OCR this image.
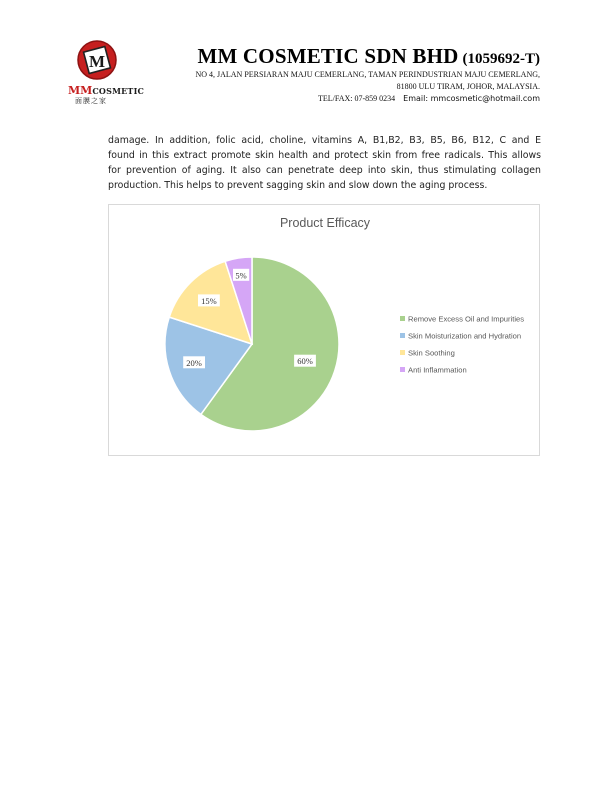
M
MMCOSMETIC
面膜之家
MM COSMETIC SDN BHD (1059692-T)
NO 4, JALAN PERSIARAN MAJU CEMERLANG, TAMAN PERINDUSTRIAN MAJU CEMERLANG,
81800 ULU TIRAM, JOHOR, MALAYSIA.
TEL/FAX: 07-859 0234 Email: mmcosmetic@hotmail.com
damage. In addition, folic acid, choline, vitamins A, B1,B2, B3, B5, B6, B12, C and E
found in this extract promote skin health and protect skin from free radicals. This allows
for prevention of aging. It also can penetrate deep into skin, thus stimulating collagen
production. This helps to prevent sagging skin and slow down the aging process.
Product Efficacy
60%
20%
15%
5%
Remove Excess Oil and Impurities
Skin Moisturization and Hydration
Skin Soothing
Anti Inflammation
